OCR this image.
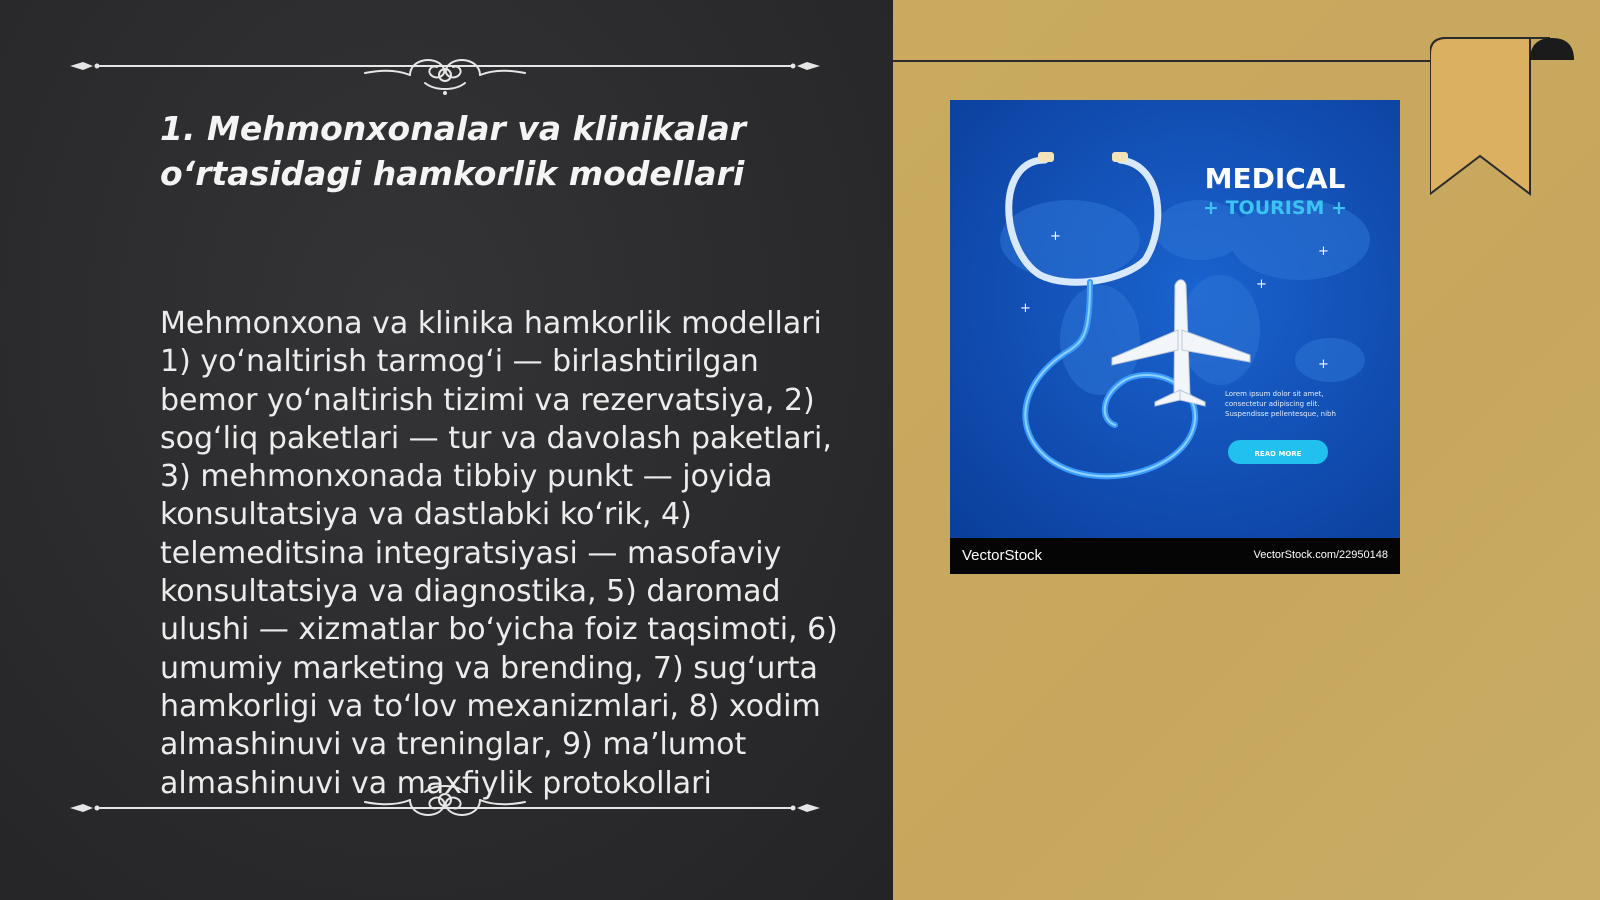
1. Mehmonxonalar va klinikalar o‘rtasidagi hamkorlik modellari

Mehmonxona va klinika hamkorlik modellari 1) yo‘naltirish tarmog‘i — birlashtirilgan bemor yo‘naltirish tizimi va rezervatsiya, 2) sog‘liq paketlari — tur va davolash paketlari, 3) mehmonxonada tibbiy punkt — joyida konsultatsiya va dastlabki ko‘rik, 4) telemeditsina integratsiyasi — masofaviy konsultatsiya va diagnostika, 5) daromad ulushi — xizmatlar bo‘yicha foiz taqsimoti, 6) umumiy marketing va brending, 7) sug‘urta hamkorligi va to‘lov mexanizmlari, 8) xodim almashinuvi va treninglar, 9) ma’lumot almashinuvi va maxfiylik protokollari

+
+
+
+
+
MEDICAL
+ TOURISM +
Lorem ipsum dolor sit amet,
consectetur adipiscing elit.
Suspendisse pellentesque, nibh
READ MORE
VectorStock	VectorStock.com/22950148
